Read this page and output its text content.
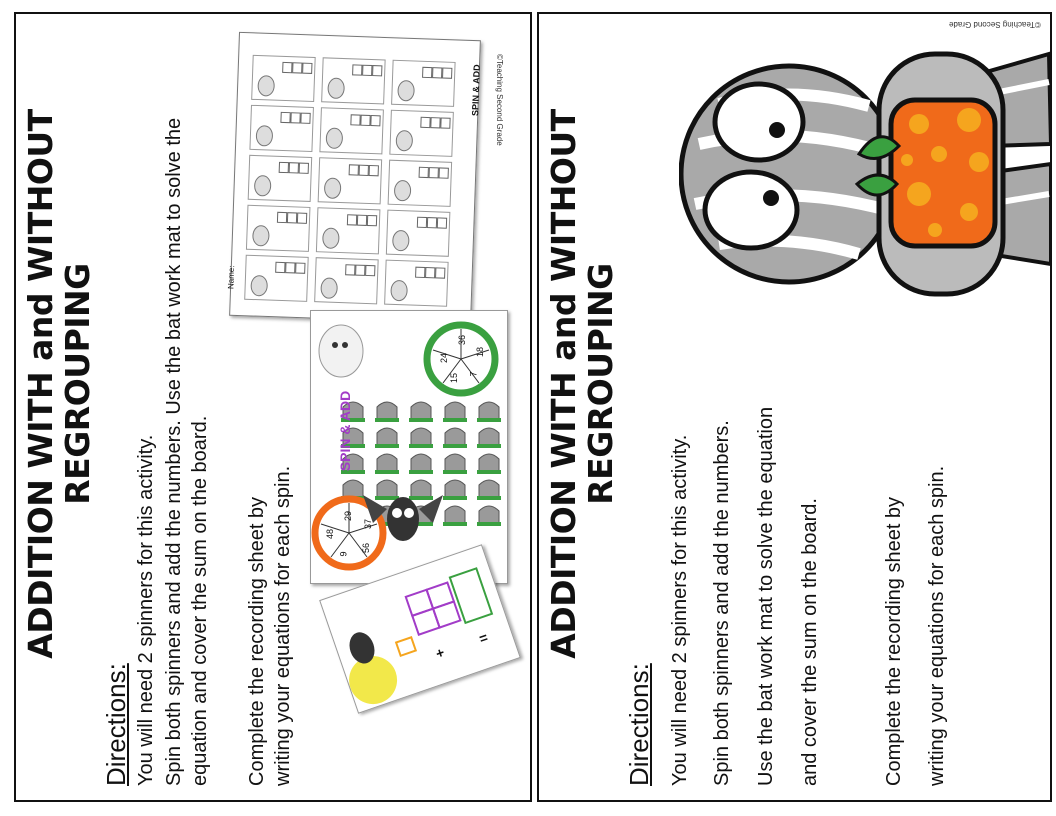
ADDITION WITH and WITHOUT REGROUPING
Directions: You will need 2 spinners for this activity. Spin both spinners and add the numbers. Use the bat work mat to solve the equation and cover the sum on the board. Complete the recording sheet by writing your equations for each spin.
SPIN & ADD
Name:
48
29
37
56
9
24
36
18
7
15
SPIN & ADD
+
=
©Teaching Second Grade
ADDITION WITH and WITHOUT REGROUPING
Directions: You will need 2 spinners for this activity. Spin both spinners and add the numbers. Use the bat work mat to solve the equation and cover the sum on the board.	Complete the recording sheet by writing your equations for each spin.
©Teaching Second Grade
